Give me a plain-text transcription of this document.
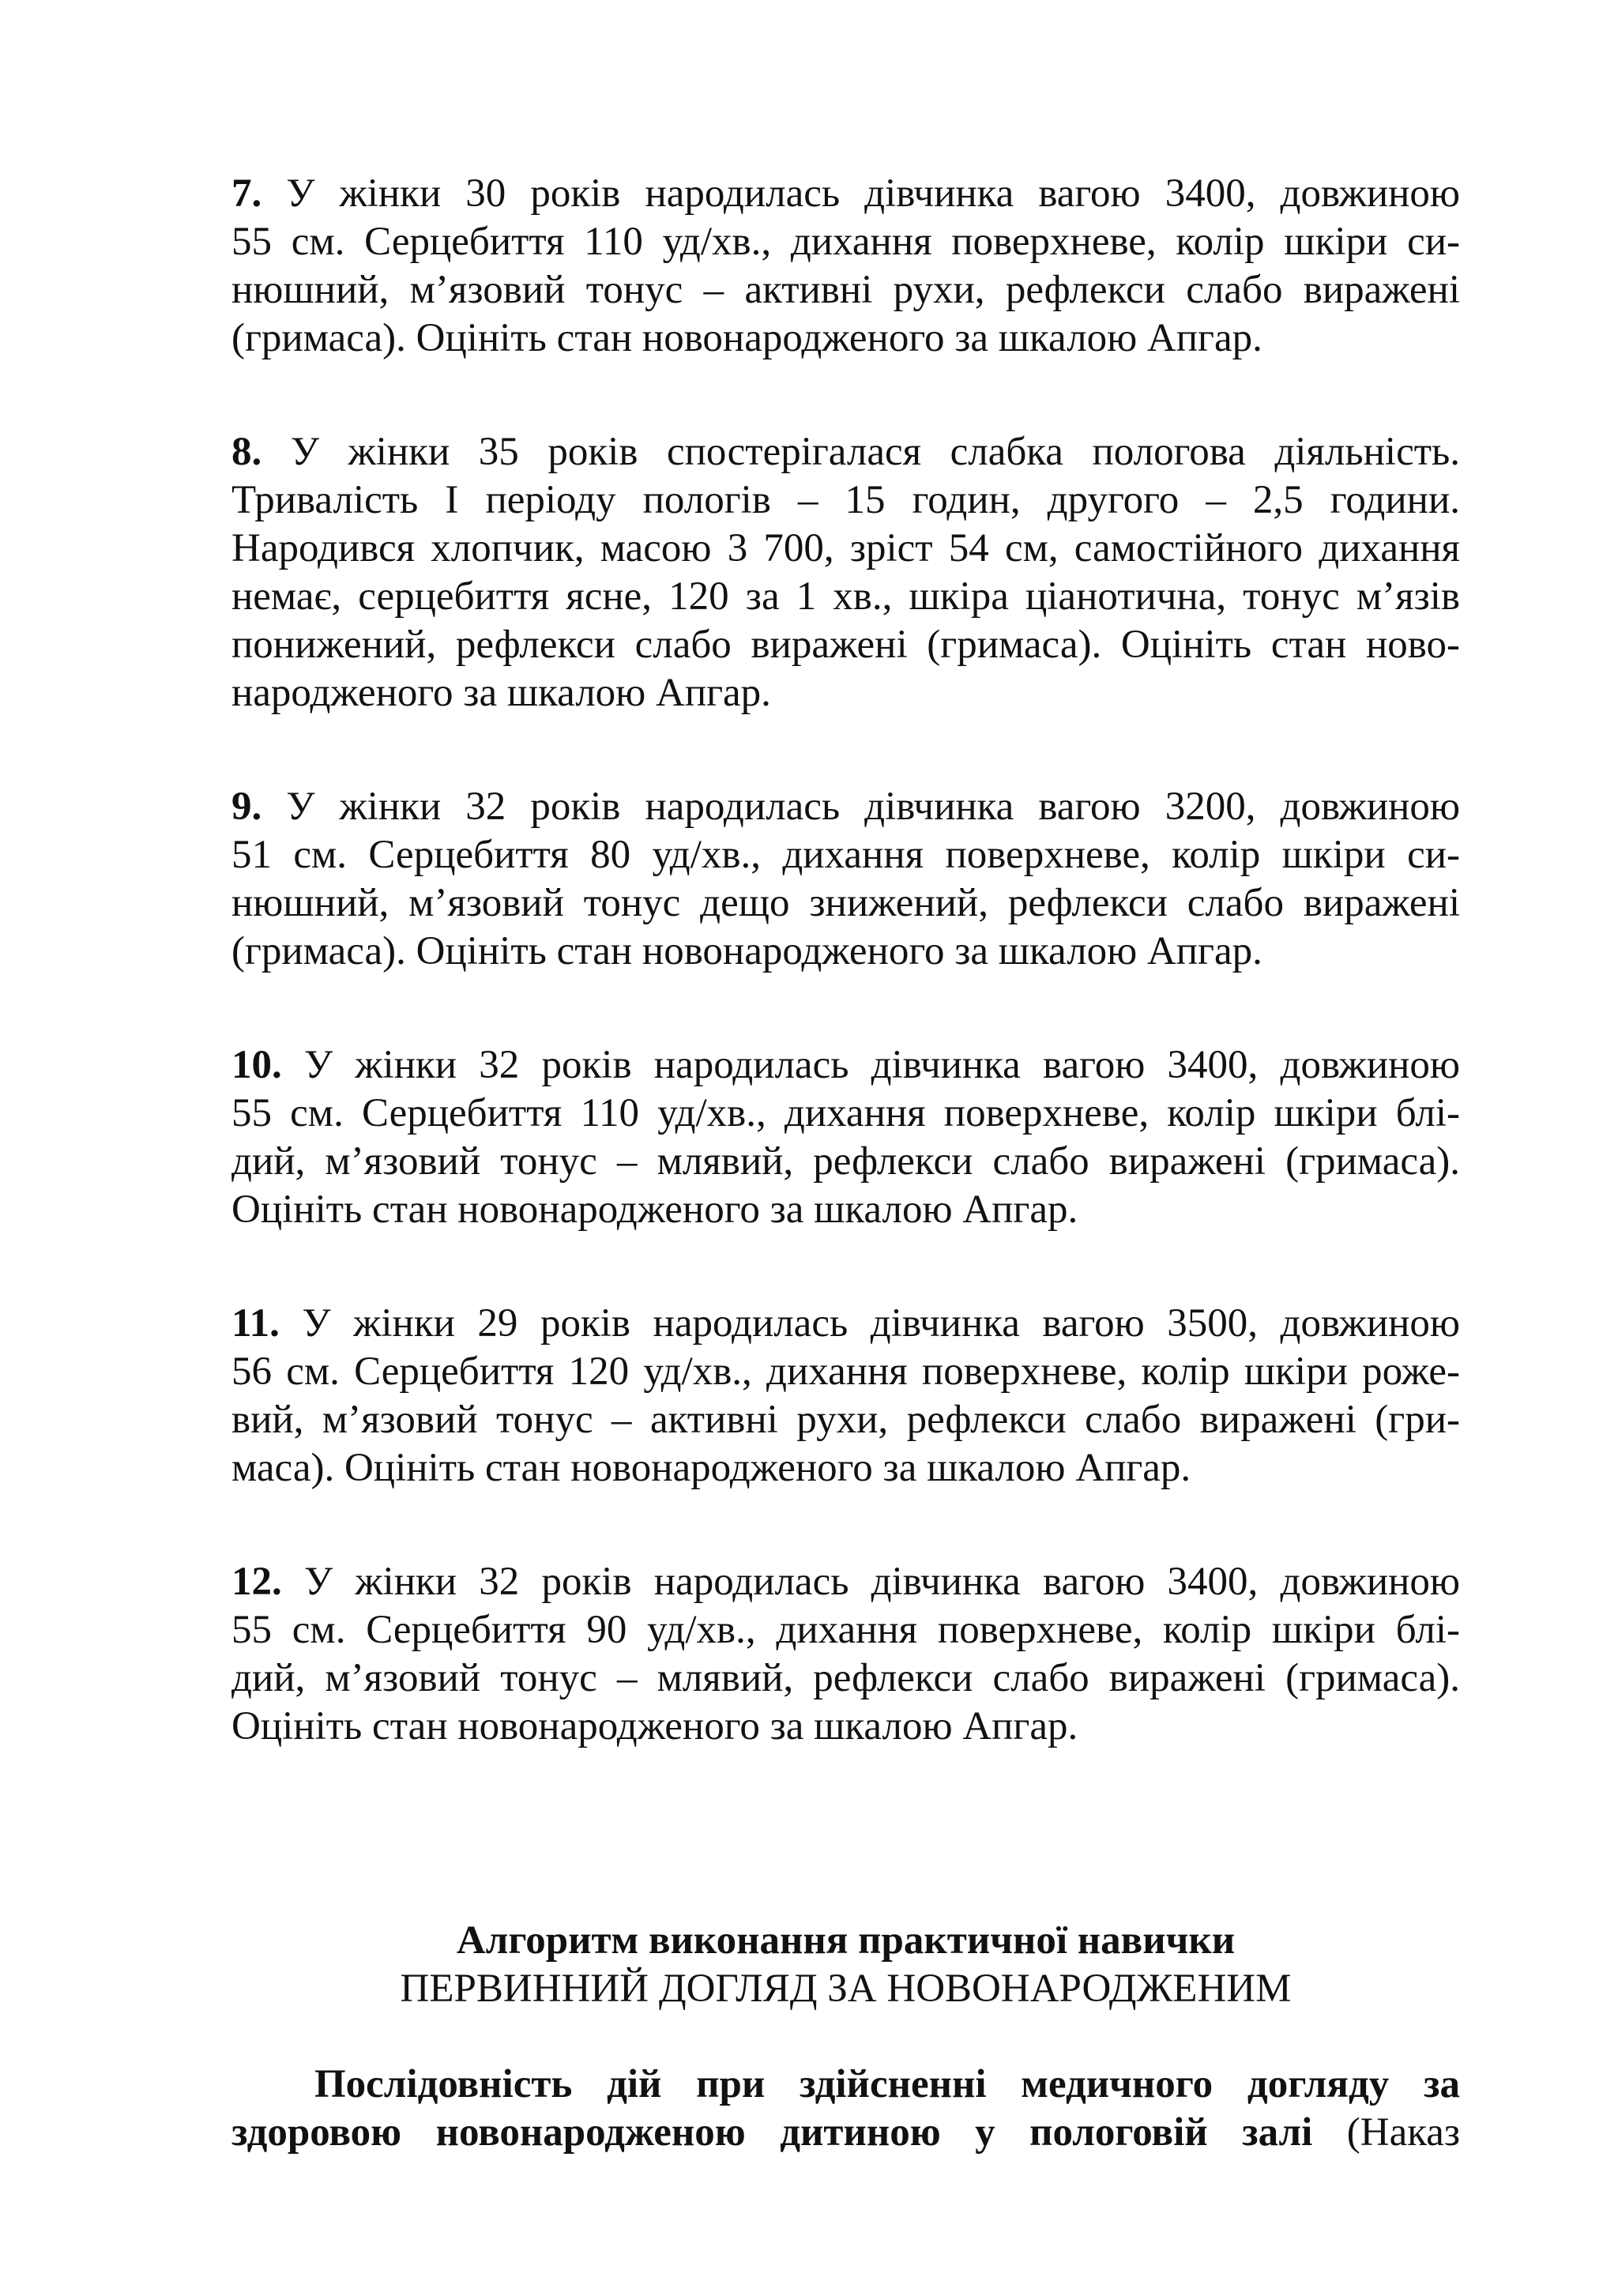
7. У жінки 30 років народилась дівчинка вагою 3400, довжиною
55 см. Серцебиття 110 уд/хв., дихання поверхневе, колір шкіри си-
нюшний, м’язовий тонус – активні рухи, рефлекси слабо виражені
(гримаса). Оцініть стан новонародженого за шкалою Апгар.
8. У жінки 35 років спостерігалася слабка пологова діяльність.
Тривалість І періоду пологів – 15 годин, другого – 2,5 години.
Народився хлопчик, масою 3 700, зріст 54 см, самостійного дихання
немає, серцебиття ясне, 120 за 1 хв., шкіра ціанотична, тонус м’язів
понижений, рефлекси слабо виражені (гримаса). Оцініть стан ново-
народженого за шкалою Апгар.
9. У жінки 32 років народилась дівчинка вагою 3200, довжиною
51 см. Серцебиття 80 уд/хв., дихання поверхневе, колір шкіри си-
нюшний, м’язовий тонус дещо знижений, рефлекси слабо виражені
(гримаса). Оцініть стан новонародженого за шкалою Апгар.
10. У жінки 32 років народилась дівчинка вагою 3400, довжиною
55 см. Серцебиття 110 уд/хв., дихання поверхневе, колір шкіри блі-
дий, м’язовий тонус – млявий, рефлекси слабо виражені (гримаса).
Оцініть стан новонародженого за шкалою Апгар.
11. У жінки 29 років народилась дівчинка вагою 3500, довжиною
56 см. Серцебиття 120 уд/хв., дихання поверхневе, колір шкіри роже-
вий, м’язовий тонус – активні рухи, рефлекси слабо виражені (гри-
маса). Оцініть стан новонародженого за шкалою Апгар.
12. У жінки 32 років народилась дівчинка вагою 3400, довжиною
55 см. Серцебиття 90 уд/хв., дихання поверхневе, колір шкіри блі-
дий, м’язовий тонус – млявий, рефлекси слабо виражені (гримаса).
Оцініть стан новонародженого за шкалою Апгар.
Алгоритм виконання практичної навички
ПЕРВИННИЙ ДОГЛЯД ЗА НОВОНАРОДЖЕНИМ
Послідовність дій при здійсненні медичного догляду за
здоровою новонародженою дитиною у пологовій залі (Наказ
